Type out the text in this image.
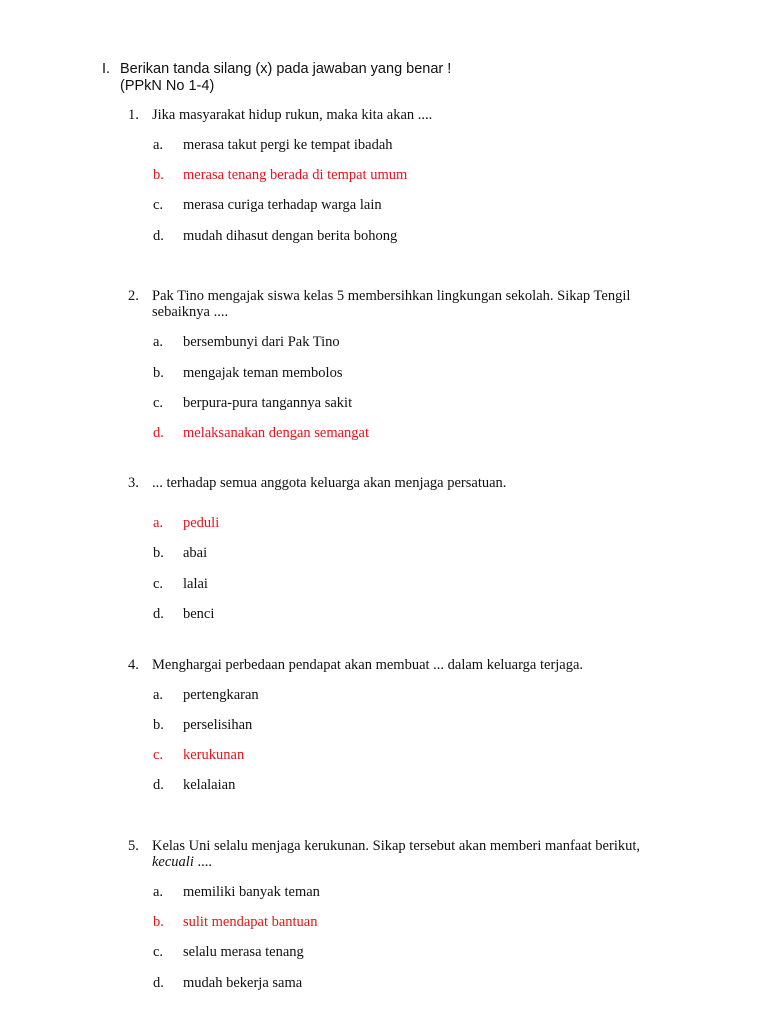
I. Berikan tanda silang (x) pada jawaban yang benar !
(PPkN No 1-4)
1. Jika masyarakat hidup rukun, maka kita akan ....
a. merasa takut pergi ke tempat ibadah
b. merasa tenang berada di tempat umum
c. merasa curiga terhadap warga lain
d. mudah dihasut dengan berita bohong
2. Pak Tino mengajak siswa kelas 5 membersihkan lingkungan sekolah. Sikap Tengil sebaiknya ....
a. bersembunyi dari Pak Tino
b. mengajak teman membolos
c. berpura-pura tangannya sakit
d. melaksanakan dengan semangat
3. ... terhadap semua anggota keluarga akan menjaga persatuan.
a. peduli
b. abai
c. lalai
d. benci
4. Menghargai perbedaan pendapat akan membuat ... dalam keluarga terjaga.
a. pertengkaran
b. perselisihan
c. kerukunan
d. kelalaian
5. Kelas Uni selalu menjaga kerukunan. Sikap tersebut akan memberi manfaat berikut, kecuali ....
a. memiliki banyak teman
b. sulit mendapat bantuan
c. selalu merasa tenang
d. mudah bekerja sama
